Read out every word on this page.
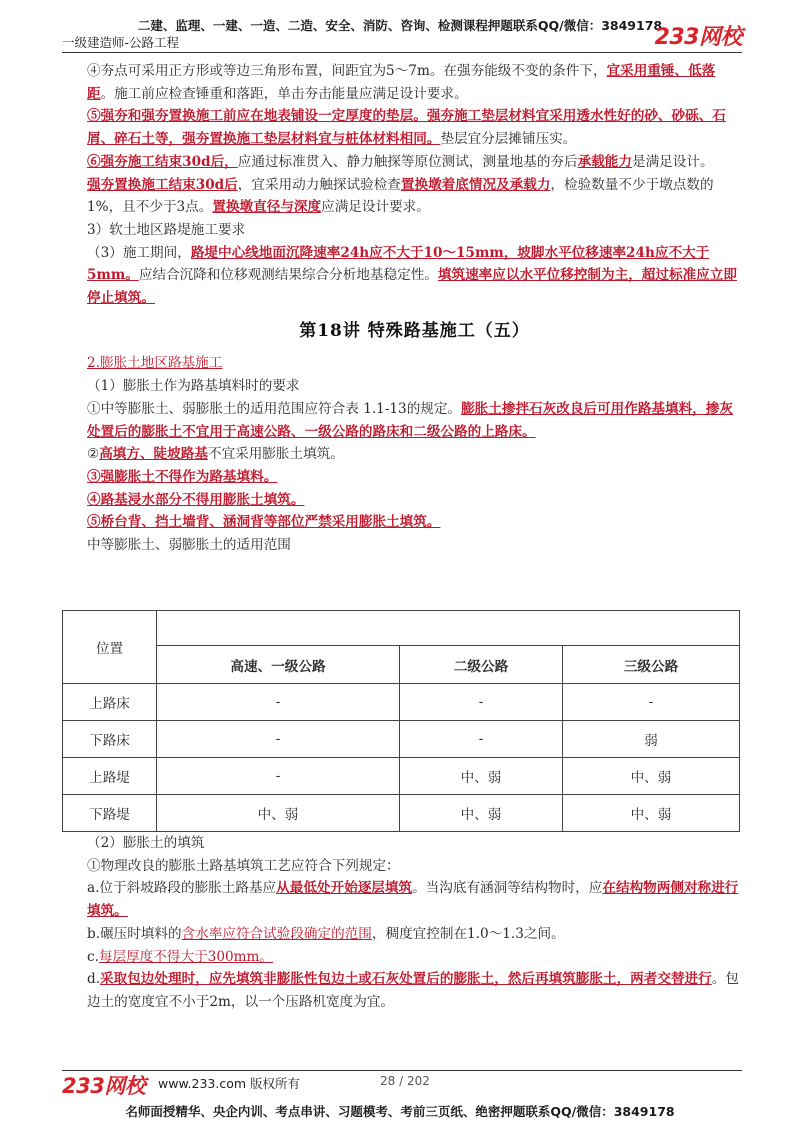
二建、监理、一建、一造、二造、安全、消防、咨询、检测课程押题联系QQ/微信：3849178
一级建造师-公路工程	233网校
④夯点可采用正方形或等边三角形布置，间距宜为5～7m。在强夯能级不变的条件下，宜采用重锤、低落距。施工前应检查锤重和落距，单击夯击能量应满足设计要求。
⑤强夯和强夯置换施工前应在地表铺设一定厚度的垫层。强夯施工垫层材料宜采用透水性好的砂、砂砾、石屑、碎石土等，强夯置换施工垫层材料宜与桩体材料相同。垫层宜分层摊铺压实。
⑥强夯施工结束30d后，应通过标准贯入、静力触探等原位测试，测量地基的夯后承载能力是满足设计。
强夯置换施工结束30d后，宜采用动力触探试验检查置换墩着底情况及承载力，检验数量不少于墩点数的1%，且不少于3点。置换墩直径与深度应满足设计要求。
3）软土地区路堤施工要求
（3）施工期间，路堤中心线地面沉降速率24h应不大于10～15mm，坡脚水平位移速率24h应不大于5mm。应结合沉降和位移观测结果综合分析地基稳定性。填筑速率应以水平位移控制为主，超过标准应立即停止填筑。
第18讲 特殊路基施工（五）
2.膨胀土地区路基施工
（1）膨胀土作为路基填料时的要求
①中等膨胀土、弱膨胀土的适用范围应符合表 1.1-13的规定。膨胀土掺拌石灰改良后可用作路基填料，掺灰处置后的膨胀土不宜用于高速公路、一级公路的路床和二级公路的上路床。
②高填方、陡坡路基不宜采用膨胀土填筑。
③强膨胀土不得作为路基填料。
④路基浸水部分不得用膨胀土填筑。
⑤桥台背、挡土墙背、涵洞背等部位严禁采用膨胀土填筑。
中等膨胀土、弱膨胀土的适用范围
位置			
	高速、一级公路	二级公路	三级公路
上路床	-	-	-
下路床	-	-	弱
上路堤	-	中、弱	中、弱
下路堤	中、弱	中、弱	中、弱
（2）膨胀土的填筑
①物理改良的膨胀土路基填筑工艺应符合下列规定：
a.位于斜坡路段的膨胀土路基应从最低处开始逐层填筑。当沟底有涵洞等结构物时，应在结构物两侧对称进行填筑。
b.碾压时填料的含水率应符合试验段确定的范围，稠度宜控制在1.0～1.3之间。
c.每层厚度不得大于300mm。
d.采取包边处理时，应先填筑非膨胀性包边土或石灰处置后的膨胀土，然后再填筑膨胀土，两者交替进行。包边土的宽度宜不小于2m，以一个压路机宽度为宜。
233网校 www.233.com 版权所有	28 / 202
名师面授精华、央企内训、考点串讲、习题模考、考前三页纸、绝密押题联系QQ/微信：3849178
